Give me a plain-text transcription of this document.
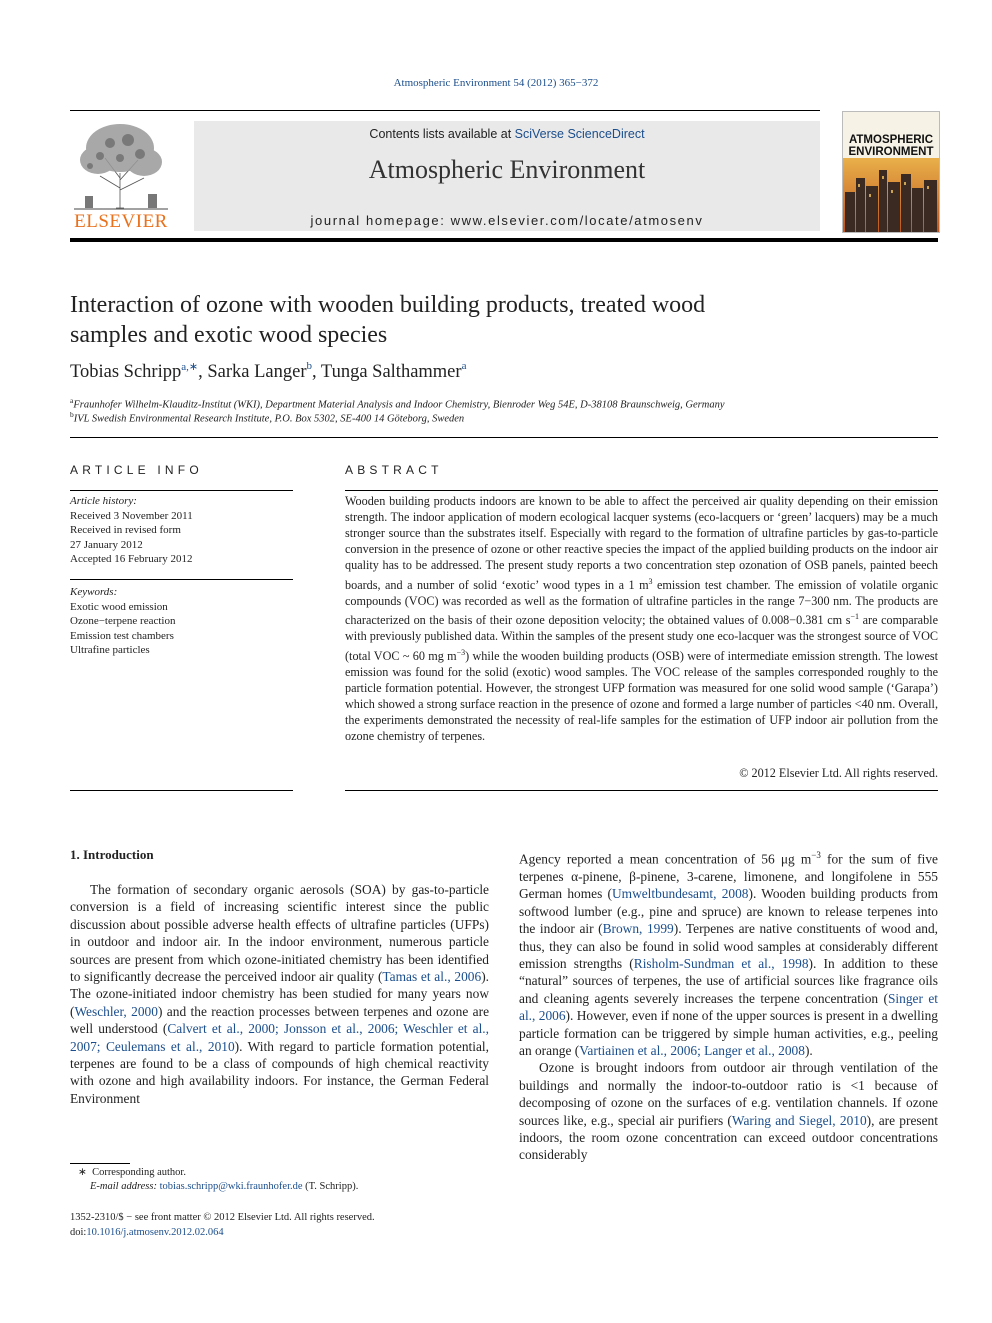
Atmospheric Environment 54 (2012) 365−372
ELSEVIER
Contents lists available at SciVerse ScienceDirect
Atmospheric Environment
journal homepage: www.elsevier.com/locate/atmosenv
ATMOSPHERIC
ENVIRONMENT
Interaction of ozone with wooden building products, treated wood
samples and exotic wood species
Tobias Schripp$^{a,∗}$, Sarka Langer$^b$, Tunga Salthammer$^a$
$^a$Fraunhofer Wilhelm-Klauditz-Institut (WKI), Department Material Analysis and Indoor Chemistry, Bienroder Weg 54E, D-38108 Braunschweig, Germany
$^b$IVL Swedish Environmental Research Institute, P.O. Box 5302, SE-400 14 Göteborg, Sweden
ARTICLE INFO
Article history:
Received 3 November 2011
Received in revised form
27 January 2012
Accepted 16 February 2012
Keywords:
Exotic wood emission
Ozone−terpene reaction
Emission test chambers
Ultrafine particles
ABSTRACT
Wooden building products indoors are known to be able to affect the perceived air quality depending on their emission strength. The indoor application of modern ecological lacquer systems (eco-lacquers or ‘green’ lacquers) may be a much stronger source than the substrates itself. Especially with regard to the formation of ultrafine particles by gas-to-particle conversion in the presence of ozone or other reactive species the impact of the applied building products on the indoor air quality has to be addressed. The present study reports a two concentration step ozonation of OSB panels, painted beech boards, and a number of solid ‘exotic’ wood types in a 1 $m^3$ emission test chamber. The emission of volatile organic compounds (VOC) was recorded as well as the formation of ultrafine particles in the range 7−300 nm. The products are characterized on the basis of their ozone deposition velocity; the obtained values of 0.008−0.381 cm $s^{-1}$ are comparable with previously published data. Within the samples of the present study one eco-lacquer was the strongest source of VOC (total VOC ~ 60 mg $m^{-3}$) while the wooden building products (OSB) were of intermediate emission strength. The lowest emission was found for the solid (exotic) wood samples. The VOC release of the samples corresponded roughly to the particle formation potential. However, the strongest UFP formation was measured for one solid wood sample (‘Garapa’) which showed a strong surface reaction in the presence of ozone and formed a large number of particles <40 nm. Overall, the experiments demonstrated the necessity of real-life samples for the estimation of UFP indoor air pollution from the ozone chemistry of terpenes.
© 2012 Elsevier Ltd. All rights reserved.
1. Introduction

The formation of secondary organic aerosols (SOA) by gas-to-particle conversion is a field of increasing scientific interest since the public discussion about possible adverse health effects of ultrafine particles (UFPs) in outdoor and indoor air. In the indoor environment, numerous particle sources are present from which ozone-initiated chemistry has been identified to significantly decrease the perceived indoor air quality (Tamas et al., 2006). The ozone-initiated indoor chemistry has been studied for many years now (Weschler, 2000) and the reaction processes between terpenes and ozone are well understood (Calvert et al., 2000; Jonsson et al., 2006; Weschler et al., 2007; Ceulemans et al., 2010). With regard to particle formation potential, terpenes are found to be a class of compounds of high chemical reactivity with ozone and high availability indoors. For instance, the German Federal Environment

Agency reported a mean concentration of 56 μg $m^{-3}$ for the sum of five terpenes α-pinene, β-pinene, 3-carene, limonene, and longifolene in 555 German homes (Umweltbundesamt, 2008). Wooden building products from softwood lumber (e.g., pine and spruce) are known to release terpenes into the indoor air (Brown, 1999). Terpenes are native constituents of wood and, thus, they can also be found in solid wood samples at considerably different emission strengths (Risholm-Sundman et al., 1998). In addition to these “natural” sources of terpenes, the use of artificial sources like fragrance oils and cleaning agents severely increases the terpene concentration (Singer et al., 2006). However, even if none of the upper sources is present in a dwelling particle formation can be triggered by simple human activities, e.g., peeling an orange (Vartiainen et al., 2006; Langer et al., 2008).

Ozone is brought indoors from outdoor air through ventilation of the buildings and normally the indoor-to-outdoor ratio is <1 because of decomposing of ozone on the surfaces of e.g. ventilation channels. If ozone sources like, e.g., special air purifiers (Waring and Siegel, 2010), are present indoors, the room ozone concentration can exceed outdoor concentrations considerably

∗ Corresponding author.
E-mail address: tobias.schripp@wki.fraunhofer.de (T. Schripp).
1352-2310/$ − see front matter © 2012 Elsevier Ltd. All rights reserved.
doi:10.1016/j.atmosenv.2012.02.064
